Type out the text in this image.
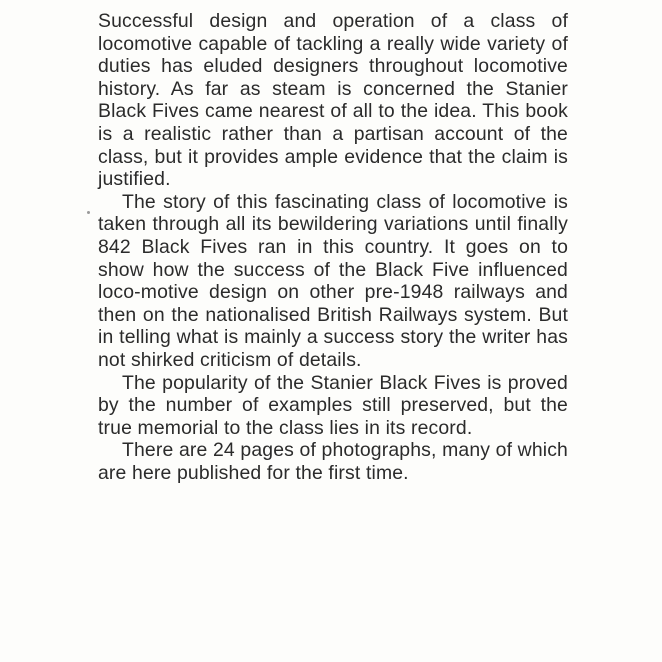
Successful design and operation of a class of locomotive capable of tackling a really wide variety of duties has eluded designers throughout locomotive history. As far as steam is concerned the Stanier Black Fives came nearest of all to the idea. This book is a realistic rather than a partisan account of the class, but it provides ample evidence that the claim is justified.

The story of this fascinating class of locomotive is taken through all its bewildering variations until finally 842 Black Fives ran in this country. It goes on to show how the success of the Black Five influenced loco-motive design on other pre-1948 railways and then on the nationalised British Railways system. But in telling what is mainly a success story the writer has not shirked criticism of details.

The popularity of the Stanier Black Fives is proved by the number of examples still preserved, but the true memorial to the class lies in its record.

There are 24 pages of photographs, many of which are here published for the first time.
